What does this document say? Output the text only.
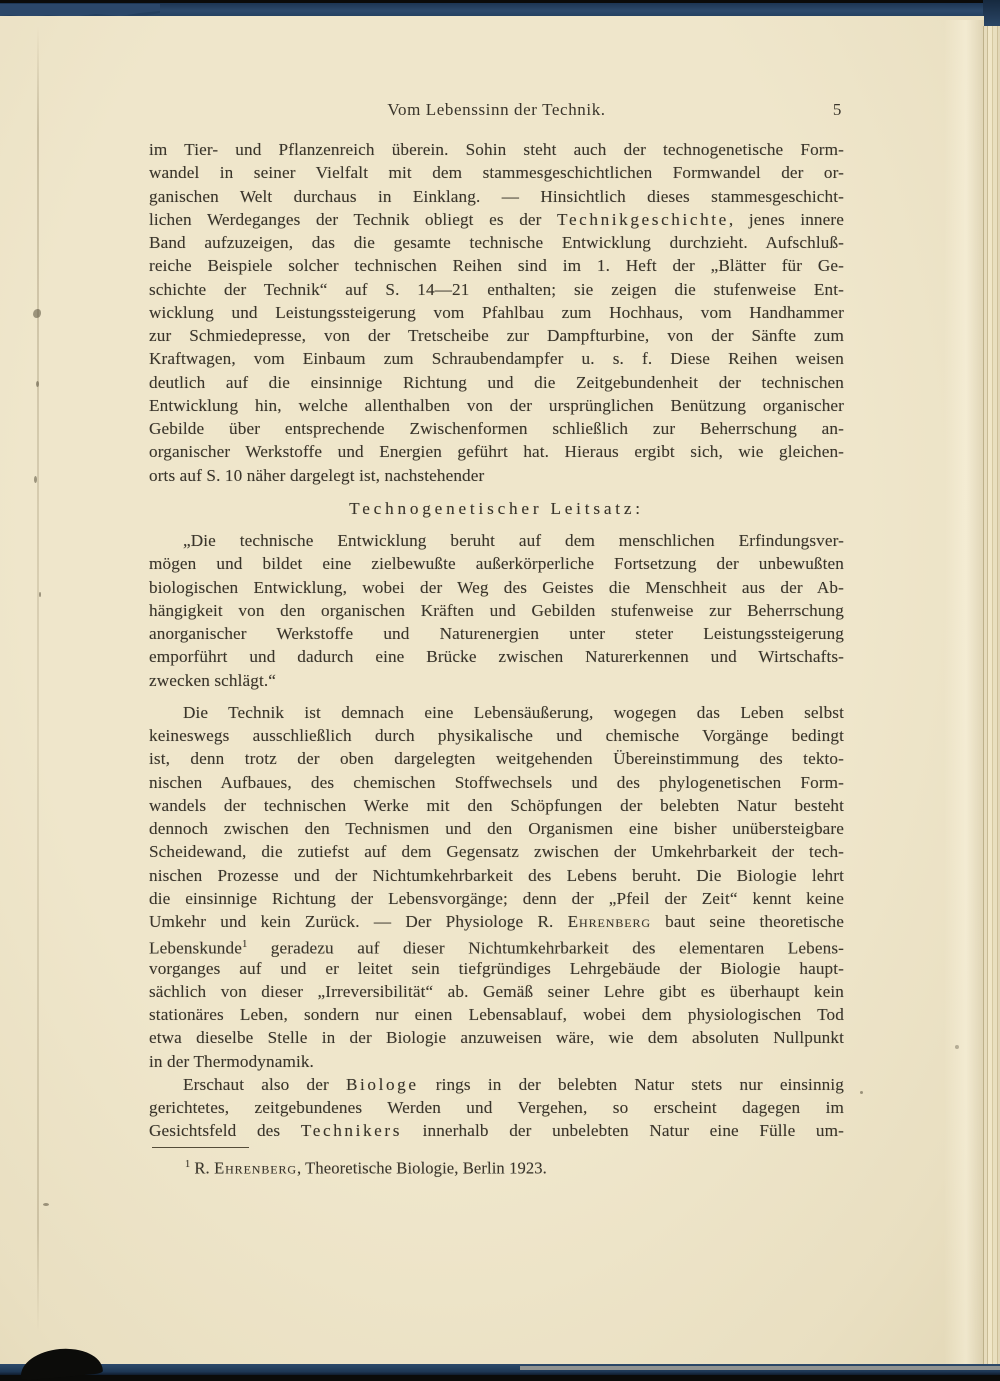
Vom Lebenssinn der Technik.	5
im Tier- und Pflanzenreich überein. Sohin steht auch der technogenetische Form-
wandel in seiner Vielfalt mit dem stammesgeschichtlichen Formwandel der or-
ganischen Welt durchaus in Einklang. — Hinsichtlich dieses stammesgeschicht-
lichen Werdeganges der Technik obliegt es der Technikgeschichte, jenes innere
Band aufzuzeigen, das die gesamte technische Entwicklung durchzieht. Aufschluß-
reiche Beispiele solcher technischen Reihen sind im 1. Heft der „Blätter für Ge-
schichte der Technik“ auf S. 14—21 enthalten; sie zeigen die stufenweise Ent-
wicklung und Leistungssteigerung vom Pfahlbau zum Hochhaus, vom Handhammer
zur Schmiedepresse, von der Tretscheibe zur Dampfturbine, von der Sänfte zum
Kraftwagen, vom Einbaum zum Schraubendampfer u. s. f. Diese Reihen weisen
deutlich auf die einsinnige Richtung und die Zeitgebundenheit der technischen
Entwicklung hin, welche allenthalben von der ursprünglichen Benützung organischer
Gebilde über entsprechende Zwischenformen schließlich zur Beherrschung an-
organischer Werkstoffe und Energien geführt hat. Hieraus ergibt sich, wie gleichen-
orts auf S. 10 näher dargelegt ist, nachstehender
Technogenetischer Leitsatz:
„Die technische Entwicklung beruht auf dem menschlichen Erfindungsver-
mögen und bildet eine zielbewußte außerkörperliche Fortsetzung der unbewußten
biologischen Entwicklung, wobei der Weg des Geistes die Menschheit aus der Ab-
hängigkeit von den organischen Kräften und Gebilden stufenweise zur Beherrschung
anorganischer Werkstoffe und Naturenergien unter steter Leistungssteigerung
emporführt und dadurch eine Brücke zwischen Naturerkennen und Wirtschafts-
zwecken schlägt.“
Die Technik ist demnach eine Lebensäußerung, wogegen das Leben selbst
keineswegs ausschließlich durch physikalische und chemische Vorgänge bedingt
ist, denn trotz der oben dargelegten weitgehenden Übereinstimmung des tekto-
nischen Aufbaues, des chemischen Stoffwechsels und des phylogenetischen Form-
wandels der technischen Werke mit den Schöpfungen der belebten Natur besteht
dennoch zwischen den Technismen und den Organismen eine bisher unübersteigbare
Scheidewand, die zutiefst auf dem Gegensatz zwischen der Umkehrbarkeit der tech-
nischen Prozesse und der Nichtumkehrbarkeit des Lebens beruht. Die Biologie lehrt
die einsinnige Richtung der Lebensvorgänge; denn der „Pfeil der Zeit“ kennt keine
Umkehr und kein Zurück. — Der Physiologe R. Ehrenberg baut seine theoretische
Lebenskunde$^1$ geradezu auf dieser Nichtumkehrbarkeit des elementaren Lebens-
vorganges auf und er leitet sein tiefgründiges Lehrgebäude der Biologie haupt-
sächlich von dieser „Irreversibilität“ ab. Gemäß seiner Lehre gibt es überhaupt kein
stationäres Leben, sondern nur einen Lebensablauf, wobei dem physiologischen Tod
etwa dieselbe Stelle in der Biologie anzuweisen wäre, wie dem absoluten Nullpunkt
in der Thermodynamik.
Erschaut also der Biologe rings in der belebten Natur stets nur einsinnig
gerichtetes, zeitgebundenes Werden und Vergehen, so erscheint dagegen im
Gesichtsfeld des Technikers innerhalb der unbelebten Natur eine Fülle um-
$^1$ R. Ehrenberg, Theoretische Biologie, Berlin 1923.
